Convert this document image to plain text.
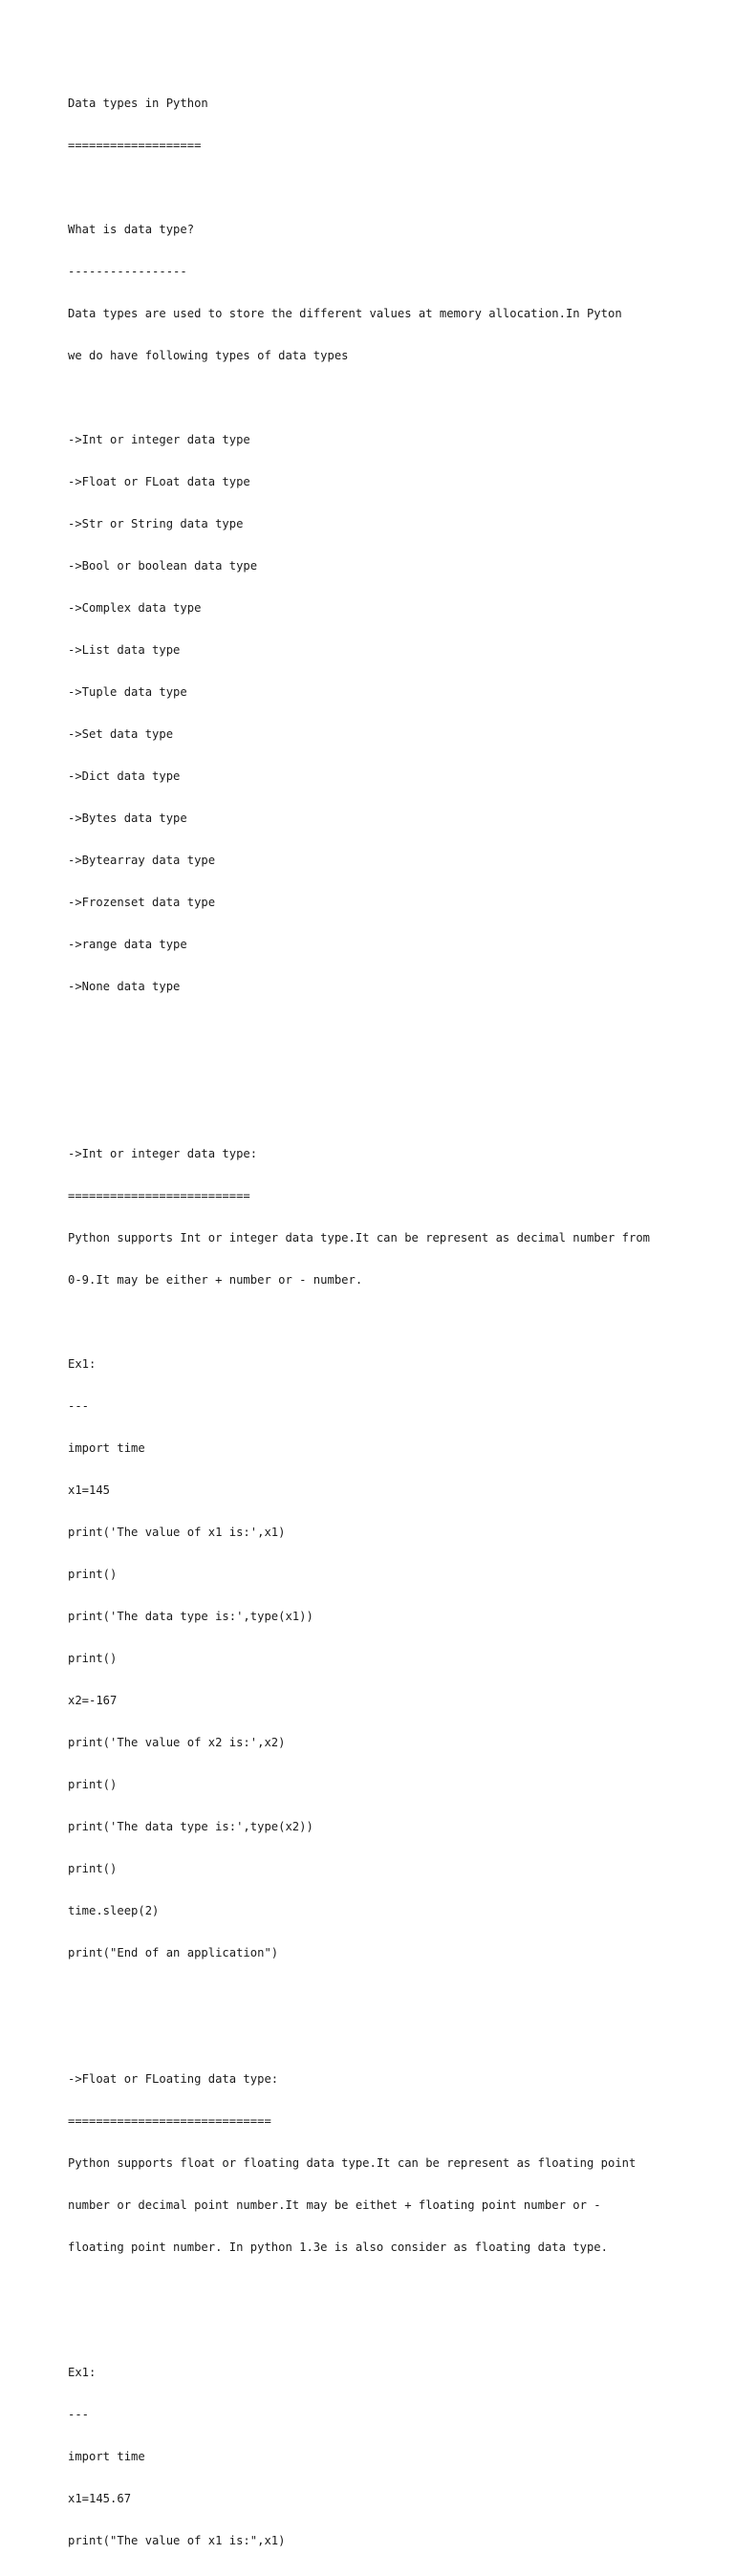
Data types in Python

===================

What is data type?

-----------------

Data types are used to store the different values at memory allocation.In Pyton

we do have following types of data types

->Int or integer data type

->Float or FLoat data type

->Str or String data type

->Bool or boolean data type

->Complex data type

->List data type

->Tuple data type

->Set data type

->Dict data type

->Bytes data type

->Bytearray data type

->Frozenset data type

->range data type

->None data type

->Int or integer data type:

==========================

Python supports Int or integer data type.It can be represent as decimal number from

0-9.It may be either + number or - number.

Ex1:

---

import time

x1=145

print('The value of x1 is:',x1)

print()

print('The data type is:',type(x1))

print()

x2=-167

print('The value of x2 is:',x2)

print()

print('The data type is:',type(x2))

print()

time.sleep(2)

print("End of an application")

->Float or FLoating data type:

=============================

Python supports float or floating data type.It can be represent as floating point

number or decimal point number.It may be eithet + floating point number or -

floating point number. In python 1.3e is also consider as floating data type.

Ex1:

---

import time

x1=145.67

print("The value of x1 is:",x1)
